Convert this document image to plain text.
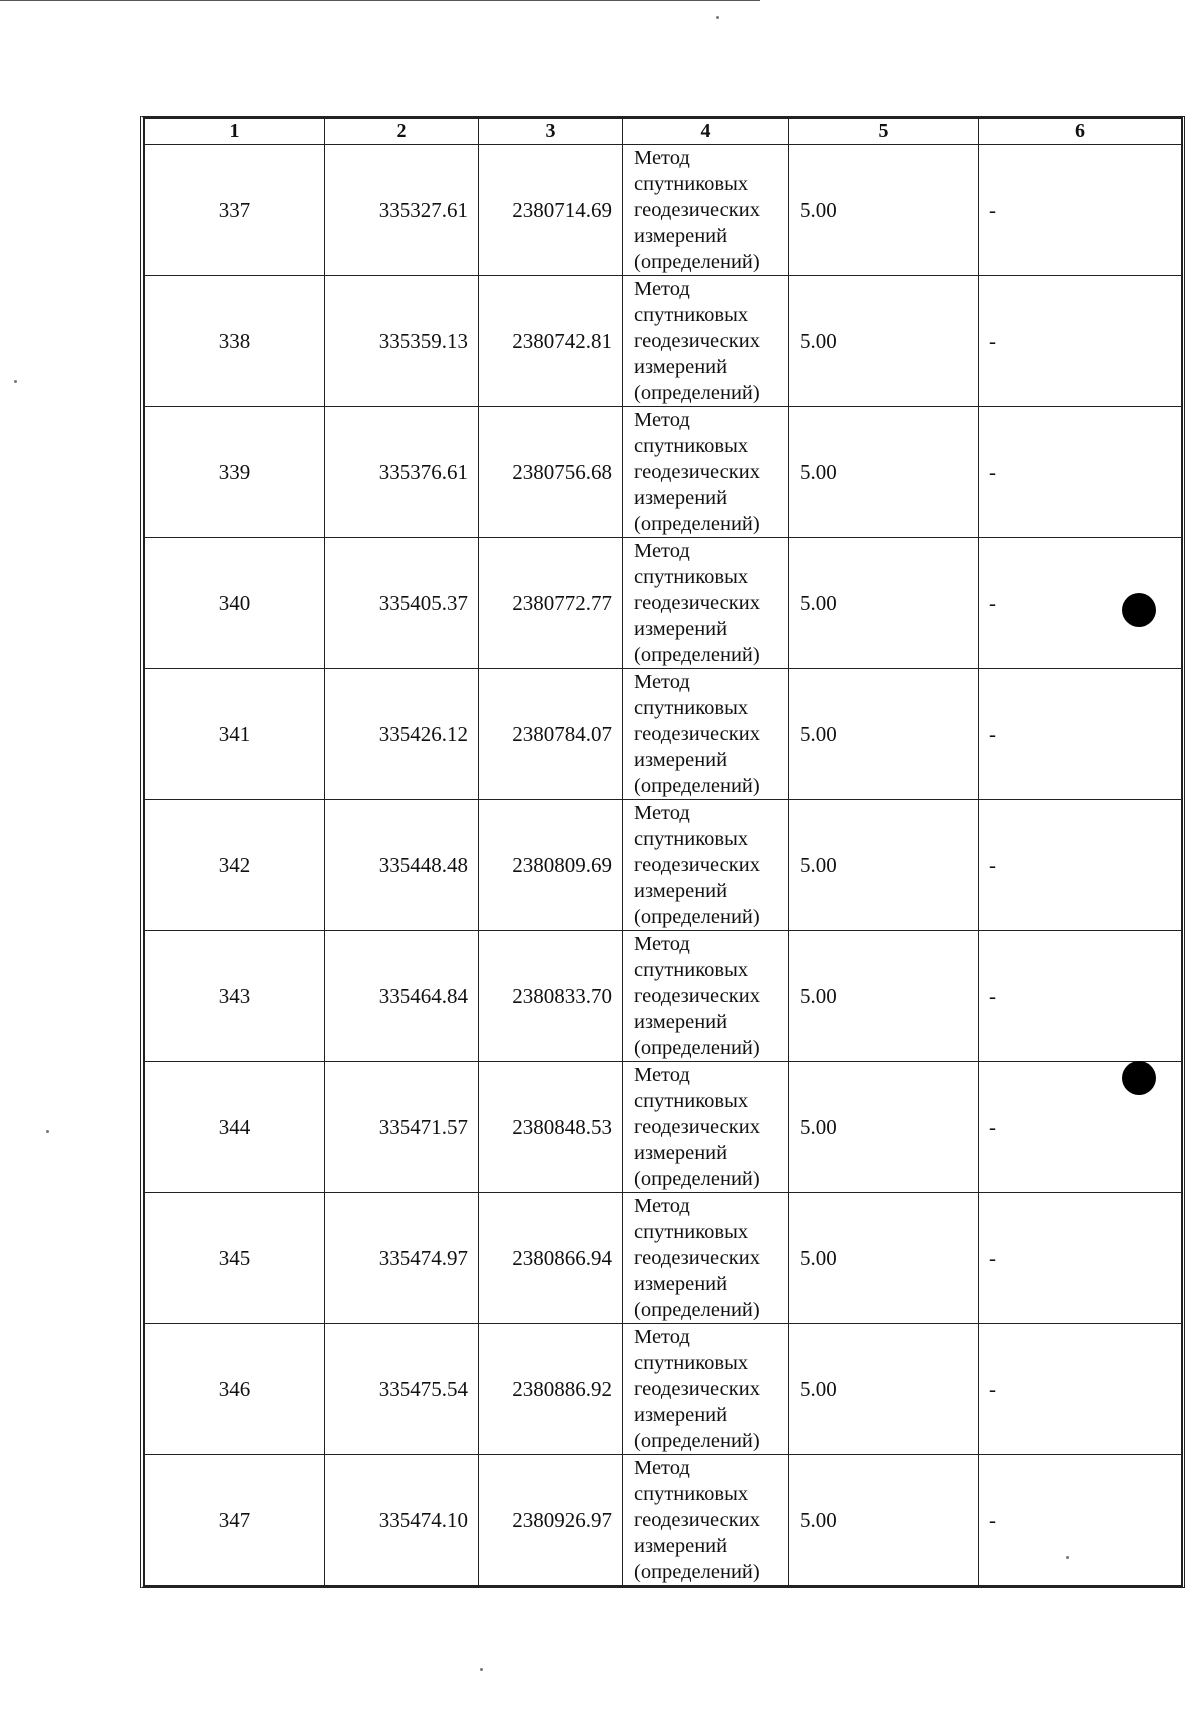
1	2	3	4	5	6
337	335327.61	2380714.69	Метод спутниковых геодезических измерений (определений)	5.00	-
338	335359.13	2380742.81	Метод спутниковых геодезических измерений (определений)	5.00	-
339	335376.61	2380756.68	Метод спутниковых геодезических измерений (определений)	5.00	-
340	335405.37	2380772.77	Метод спутниковых геодезических измерений (определений)	5.00	-
341	335426.12	2380784.07	Метод спутниковых геодезических измерений (определений)	5.00	-
342	335448.48	2380809.69	Метод спутниковых геодезических измерений (определений)	5.00	-
343	335464.84	2380833.70	Метод спутниковых геодезических измерений (определений)	5.00	-
344	335471.57	2380848.53	Метод спутниковых геодезических измерений (определений)	5.00	-
345	335474.97	2380866.94	Метод спутниковых геодезических измерений (определений)	5.00	-
346	335475.54	2380886.92	Метод спутниковых геодезических измерений (определений)	5.00	-
347	335474.10	2380926.97	Метод спутниковых геодезических измерений (определений)	5.00	-
